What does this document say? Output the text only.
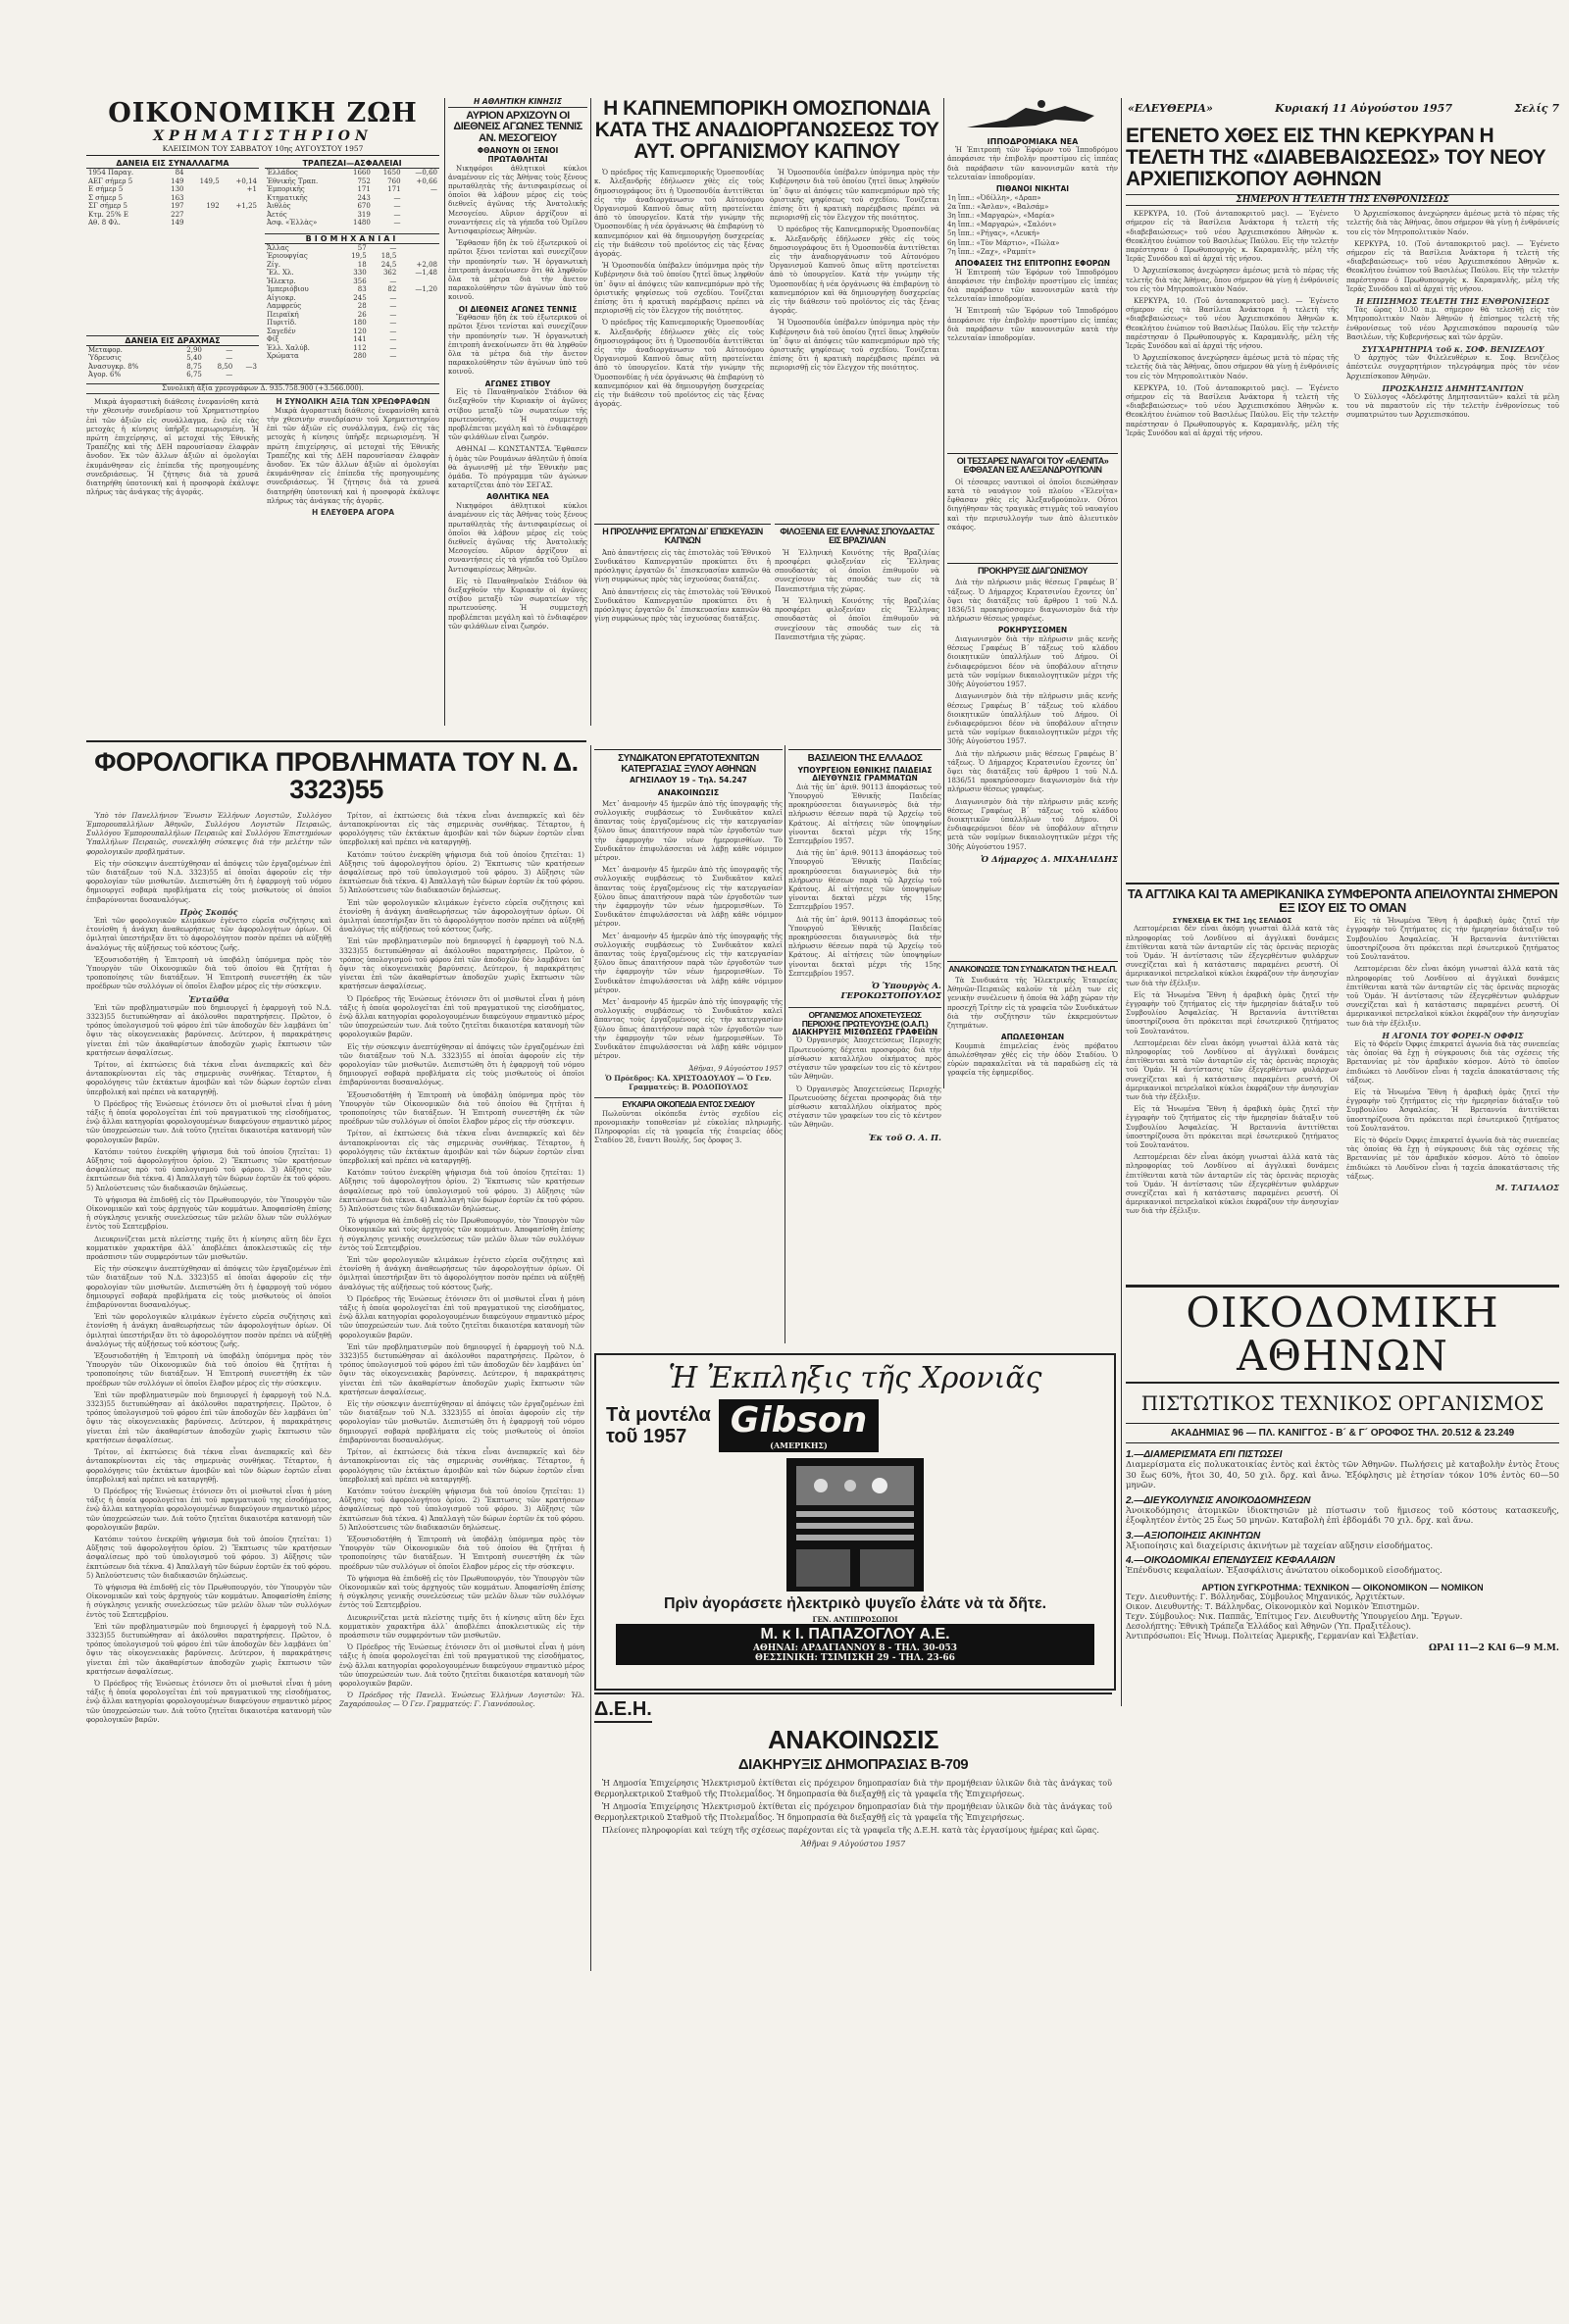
«ΕΛΕΥΘΕΡΙΑ»	Κυριακή 11 Αὐγούστου 1957	Σελίς 7
ΟΙΚΟΝΟΜΙΚΗ ΖΩΗ
ΧΡΗΜΑΤΙΣΤΗΡΙΟΝ
ΚΛΕΙΣΙΜΟΝ ΤΟΥ ΣΑΒΒΑΤΟΥ 10ης ΑΥΓΟΥΣΤΟΥ 1957
ΔΑΝΕΙΑ ΕΙΣ ΣΥΝΑΛΛΑΓΜΑ
1954 Παραγ.	84		
ΑΕΓ σήμερ 5	149	149,5	+0,14
Ε σήμερ 5	130		+1
Σ σήμερ 5	163		
ΣΓ σήμερ 5	197	192	+1,25
Κτμ. 25% Ε	227		
Αθ. 8 Φλ.	149		
ΔΑΝΕΙΑ ΕΙΣ ΔΡΑΧΜΑΣ
Μεταφορ.	2,90	—	
Ὑδρευσις	5,40	—	
Ἀνασυγκρ. 8%	8,75	8,50	—3
Ἀγορ. 6%	6,75	—	
ΤΡΑΠΕΖΑΙ—ΑΣΦΑΛΕΙΑΙ
Ἑλλάδος	1660	1650	—0,60
Ἐθνικῆς Τραπ.	752	760	+0,66
Ἐμπορικῆς	171	171	—
Κτηματικῆς	243	—	
Ἀιθλὸς	670	—	
Ἀετός	319	—	
Ἀσφ. «Ἐλλὰς»	1480	—	
ΒΙΟΜΗΧΑΝΙΑΙ
Ἄλλας	57	—	
Ἐριουφγίας	19,5	18,5	
Ζίγ.	18	24,5	+2,08
Ἔλ. Χλ.	330	362	—1,48
Ἠλεκτρ.	356	—	
Ἰμπεριόβιου	83	82	—1,20
Αἰγιοκρ.	245	—	
Λαμφρεύς	28	—	
Πειραϊκή	26	—	
Πυριτίδ.	180	—	
Σαγεδέν	120	—	
Φίξ	141	—	
Ἑλλ. Χαλύβ.	112	—	
Χρώματα	280	—	
Συνολικὴ ἀξία χρεογράφων Δ. 935.758.900 (+3.566.000).

Μικρὰ ἀγοραστικὴ διάθεσις ἐνεφανίσθη κατὰ τὴν χθεσινὴν συνεδρίασιν τοῦ Χρηματιστηρίου ἐπὶ τῶν ἀξιῶν εἰς συνάλλαγμα, ἐνῷ εἰς τὰς μετοχὰς ἡ κίνησις ὑπῆρξε περιωρισμένη. Ἡ πρώτη ἐπιχείρησις, αἱ μετοχαὶ τῆς Ἐθνικῆς Τραπέζης καὶ τῆς ΔΕΗ παρουσίασαν ἐλαφρὰν ἄνοδον. Ἐκ τῶν ἄλλων ἀξιῶν αἱ ὁμολογίαι ἐκυμάνθησαν εἰς ἐπίπεδα τῆς προηγουμένης συνεδριάσεως. Ἡ ζήτησις διὰ τὰ χρυσᾶ διατηρήθη ὑποτονική καὶ ἡ προσφορὰ ἐκάλυψε πλήρως τὰς ἀνάγκας τῆς ἀγορᾶς.

Η ΣΥΝΟΛΙΚΗ ΑΞΙΑ ΤΩΝ ΧΡΕΩΦΡΑΦΩΝ

Μικρὰ ἀγοραστικὴ διάθεσις ἐνεφανίσθη κατὰ τὴν χθεσινὴν συνεδρίασιν τοῦ Χρηματιστηρίου ἐπὶ τῶν ἀξιῶν εἰς συνάλλαγμα, ἐνῷ εἰς τὰς μετοχὰς ἡ κίνησις ὑπῆρξε περιωρισμένη. Ἡ πρώτη ἐπιχείρησις, αἱ μετοχαὶ τῆς Ἐθνικῆς Τραπέζης καὶ τῆς ΔΕΗ παρουσίασαν ἐλαφρὰν ἄνοδον. Ἐκ τῶν ἄλλων ἀξιῶν αἱ ὁμολογίαι ἐκυμάνθησαν εἰς ἐπίπεδα τῆς προηγουμένης συνεδριάσεως. Ἡ ζήτησις διὰ τὰ χρυσᾶ διατηρήθη ὑποτονική καὶ ἡ προσφορὰ ἐκάλυψε πλήρως τὰς ἀνάγκας τῆς ἀγορᾶς.

Η ΕΛΕΥΘΕΡΑ ΑΓΟΡΑ
Η ΑΘΛΗΤΙΚΗ ΚΙΝΗΣΙΣ
ΑΥΡΙΟΝ ΑΡΧΙΖΟΥΝ ΟΙ ΔΙΕΘΝΕΙΣ ΑΓΩΝΕΣ ΤΕΝΝΙΣ ΑΝ. ΜΕΣΟΓΕΙΟΥ
ΦΘΑΝΟΥΝ ΟΙ ΞΕΝΟΙ ΠΡΩΤΑΘΛΗΤΑΙ

Νικηφόροι ἀθλητικοὶ κύκλοι ἀναμένουν εἰς τὰς Ἀθήνας τοὺς ξένους πρωταθλητὰς τῆς ἀντισφαιρίσεως οἱ ὁποῖοι θὰ λάβουν μέρος εἰς τοὺς διεθνεῖς ἀγῶνας τῆς Ἀνατολικῆς Μεσογείου. Αὔριον ἀρχίζουν αἱ συναντήσεις εἰς τὰ γήπεδα τοῦ Ὁμίλου Ἀντισφαιρίσεως Ἀθηνῶν.

Ἔφθασαν ἤδη ἐκ τοῦ ἐξωτερικοῦ οἱ πρῶτοι ξένοι τενίσται καὶ συνεχίζουν τὴν προπόνησίν των. Ἡ ὀργανωτικὴ ἐπιτροπὴ ἀνεκοίνωσεν ὅτι θὰ ληφθοῦν ὅλα τὰ μέτρα διὰ τὴν ἄνετον παρακολούθησιν τῶν ἀγώνων ὑπὸ τοῦ κοινοῦ.

ΟΙ ΔΙΕΘΝΕΙΣ ΑΓΩΝΕΣ ΤΕΝΝΙΣ

Ἔφθασαν ἤδη ἐκ τοῦ ἐξωτερικοῦ οἱ πρῶτοι ξένοι τενίσται καὶ συνεχίζουν τὴν προπόνησίν των. Ἡ ὀργανωτικὴ ἐπιτροπὴ ἀνεκοίνωσεν ὅτι θὰ ληφθοῦν ὅλα τὰ μέτρα διὰ τὴν ἄνετον παρακολούθησιν τῶν ἀγώνων ὑπὸ τοῦ κοινοῦ.

ΑΓΩΝΕΣ ΣΤΙΒΟΥ

Εἰς τὸ Παναθηναϊκὸν Στάδιον θὰ διεξαχθοῦν τὴν Κυριακὴν οἱ ἀγῶνες στίβου μεταξὺ τῶν σωματείων τῆς πρωτευούσης. Ἡ συμμετοχὴ προβλέπεται μεγάλη καὶ τὸ ἐνδιαφέρον τῶν φιλάθλων εἶναι ζωηρόν.

ΑΘΗΝΑΙ — ΚΩΝΣΤΑΝΤΣΑ. Ἔφθασεν ἡ ὁμὰς τῶν Ρουμάνων ἀθλητῶν ἡ ὁποία θὰ ἀγωνισθῇ μὲ τὴν Ἐθνικὴν μας ὁμάδα. Τὸ πρόγραμμα τῶν ἀγώνων καταρτίζεται ἀπὸ τὸν ΣΕΓΑΣ.

ΑΘΛΗΤΙΚΑ ΝΕΑ

Νικηφόροι ἀθλητικοὶ κύκλοι ἀναμένουν εἰς τὰς Ἀθήνας τοὺς ξένους πρωταθλητὰς τῆς ἀντισφαιρίσεως οἱ ὁποῖοι θὰ λάβουν μέρος εἰς τοὺς διεθνεῖς ἀγῶνας τῆς Ἀνατολικῆς Μεσογείου. Αὔριον ἀρχίζουν αἱ συναντήσεις εἰς τὰ γήπεδα τοῦ Ὁμίλου Ἀντισφαιρίσεως Ἀθηνῶν.

Εἰς τὸ Παναθηναϊκὸν Στάδιον θὰ διεξαχθοῦν τὴν Κυριακὴν οἱ ἀγῶνες στίβου μεταξὺ τῶν σωματείων τῆς πρωτευούσης. Ἡ συμμετοχὴ προβλέπεται μεγάλη καὶ τὸ ἐνδιαφέρον τῶν φιλάθλων εἶναι ζωηρόν.

Η ΚΑΠΝΕΜΠΟΡΙΚΗ ΟΜΟΣΠΟΝΔΙΑ ΚΑΤΑ ΤΗΣ ΑΝΑΔΙΟΡΓΑΝΩΣΕΩΣ ΤΟΥ ΑΥΤ. ΟΡΓΑΝΙΣΜΟΥ ΚΑΠΝΟΥ

Ὁ πρόεδρος τῆς Καπνεμπορικῆς Ὁμοσπονδίας κ. Ἀλεξανδρῆς ἐδήλωσεν χθὲς εἰς τοὺς δημοσιογράφους ὅτι ἡ Ὁμοσπονδία ἀντιτίθεται εἰς τὴν ἀναδιοργάνωσιν τοῦ Αὐτονόμου Ὀργανισμοῦ Καπνοῦ ὅπως αὕτη προτείνεται ἀπὸ τὸ ὑπουργεῖον. Κατὰ τὴν γνώμην τῆς Ὁμοσπονδίας ἡ νέα ὀργάνωσις θὰ ἐπιβαρύνῃ τὸ καπνεμπόριον καὶ θὰ δημιουργήσῃ δυσχερείας εἰς τὴν διάθεσιν τοῦ προϊόντος εἰς τὰς ξένας ἀγοράς.

Ἡ Ὁμοσπονδία ὑπέβαλεν ὑπόμνημα πρὸς τὴν Κυβέρνησιν διὰ τοῦ ὁποίου ζητεῖ ὅπως ληφθοῦν ὑπ᾽ ὄψιν αἱ ἀπόψεις τῶν καπνεμπόρων πρὸ τῆς ὁριστικῆς ψηφίσεως τοῦ σχεδίου. Τονίζεται ἐπίσης ὅτι ἡ κρατικὴ παρέμβασις πρέπει νὰ περιορισθῇ εἰς τὸν ἔλεγχον τῆς ποιότητος.

Ὁ πρόεδρος τῆς Καπνεμπορικῆς Ὁμοσπονδίας κ. Ἀλεξανδρῆς ἐδήλωσεν χθὲς εἰς τοὺς δημοσιογράφους ὅτι ἡ Ὁμοσπονδία ἀντιτίθεται εἰς τὴν ἀναδιοργάνωσιν τοῦ Αὐτονόμου Ὀργανισμοῦ Καπνοῦ ὅπως αὕτη προτείνεται ἀπὸ τὸ ὑπουργεῖον. Κατὰ τὴν γνώμην τῆς Ὁμοσπονδίας ἡ νέα ὀργάνωσις θὰ ἐπιβαρύνῃ τὸ καπνεμπόριον καὶ θὰ δημιουργήσῃ δυσχερείας εἰς τὴν διάθεσιν τοῦ προϊόντος εἰς τὰς ξένας ἀγοράς.

Ἡ Ὁμοσπονδία ὑπέβαλεν ὑπόμνημα πρὸς τὴν Κυβέρνησιν διὰ τοῦ ὁποίου ζητεῖ ὅπως ληφθοῦν ὑπ᾽ ὄψιν αἱ ἀπόψεις τῶν καπνεμπόρων πρὸ τῆς ὁριστικῆς ψηφίσεως τοῦ σχεδίου. Τονίζεται ἐπίσης ὅτι ἡ κρατικὴ παρέμβασις πρέπει νὰ περιορισθῇ εἰς τὸν ἔλεγχον τῆς ποιότητος.

Ὁ πρόεδρος τῆς Καπνεμπορικῆς Ὁμοσπονδίας κ. Ἀλεξανδρῆς ἐδήλωσεν χθὲς εἰς τοὺς δημοσιογράφους ὅτι ἡ Ὁμοσπονδία ἀντιτίθεται εἰς τὴν ἀναδιοργάνωσιν τοῦ Αὐτονόμου Ὀργανισμοῦ Καπνοῦ ὅπως αὕτη προτείνεται ἀπὸ τὸ ὑπουργεῖον. Κατὰ τὴν γνώμην τῆς Ὁμοσπονδίας ἡ νέα ὀργάνωσις θὰ ἐπιβαρύνῃ τὸ καπνεμπόριον καὶ θὰ δημιουργήσῃ δυσχερείας εἰς τὴν διάθεσιν τοῦ προϊόντος εἰς τὰς ξένας ἀγοράς.

Ἡ Ὁμοσπονδία ὑπέβαλεν ὑπόμνημα πρὸς τὴν Κυβέρνησιν διὰ τοῦ ὁποίου ζητεῖ ὅπως ληφθοῦν ὑπ᾽ ὄψιν αἱ ἀπόψεις τῶν καπνεμπόρων πρὸ τῆς ὁριστικῆς ψηφίσεως τοῦ σχεδίου. Τονίζεται ἐπίσης ὅτι ἡ κρατικὴ παρέμβασις πρέπει νὰ περιορισθῇ εἰς τὸν ἔλεγχον τῆς ποιότητος.

Η ΠΡΟΣΛΗΨΙΣ ΕΡΓΑΤΩΝ ΔΙ᾽ ΕΠΙΣΚΕΥΑΣΙΝ ΚΑΠΝΩΝ

Ἀπὸ ἀπαντήσεις εἰς τὰς ἐπιστολὰς τοῦ Ἐθνικοῦ Συνδικάτου Καπνεργατῶν προκύπτει ὅτι ἡ πρόσληψις ἐργατῶν δι᾽ ἐπισκευασίαν καπνῶν θὰ γίνῃ συμφώνως πρὸς τὰς ἰσχυούσας διατάξεις.

Ἀπὸ ἀπαντήσεις εἰς τὰς ἐπιστολὰς τοῦ Ἐθνικοῦ Συνδικάτου Καπνεργατῶν προκύπτει ὅτι ἡ πρόσληψις ἐργατῶν δι᾽ ἐπισκευασίαν καπνῶν θὰ γίνῃ συμφώνως πρὸς τὰς ἰσχυούσας διατάξεις.

ΦΙΛΟΞΕΝΙΑ ΕΙΣ ΕΛΛΗΝΑΣ ΣΠΟΥΔΑΣΤΑΣ ΕΙΣ ΒΡΑΖΙΛΙΑΝ

Ἡ Ἑλληνικὴ Κοινότης τῆς Βραζιλίας προσφέρει φιλοξενίαν εἰς Ἕλληνας σπουδαστὰς οἱ ὁποῖοι ἐπιθυμοῦν νὰ συνεχίσουν τὰς σπουδάς των εἰς τὰ Πανεπιστήμια τῆς χώρας.

Ἡ Ἑλληνικὴ Κοινότης τῆς Βραζιλίας προσφέρει φιλοξενίαν εἰς Ἕλληνας σπουδαστὰς οἱ ὁποῖοι ἐπιθυμοῦν νὰ συνεχίσουν τὰς σπουδάς των εἰς τὰ Πανεπιστήμια τῆς χώρας.

ΙΠΠΟΔΡΟΜΙΑΚΑ ΝΕΑ

Ἡ Ἐπιτροπὴ τῶν Ἐφόρων τοῦ Ἱπποδρόμου ἀπεφάσισε τὴν ἐπιβολὴν προστίμου εἰς ἱππέας διὰ παράβασιν τῶν κανονισμῶν κατὰ τὴν τελευταίαν ἱπποδρομίαν.

ΠΙΘΑΝΟΙ ΝΙΚΗΤΑΙ
1η ἵππ.: «Ὀδίλλη», «Δραπ»
2α ἵππ.: «Ἀσλαν», «Βαλσάμ»
3η ἵππ.: «Μαργαρὼ», «Μαρία»
4η ἵππ.: «Μαργαρώ», «Σαλόνι»
5η ἵππ.: «Ρήγας», «Λευκή»
6η ἵππ.: «Τὸν Μάρτιο», «Πώλα»
7η ἵππ.: «Ζαχ», «Ραμπίτ»
ΑΠΟΦΑΣΕΙΣ ΤΗΣ ΕΠΙΤΡΟΠΗΣ ΕΦΟΡΩΝ

Ἡ Ἐπιτροπὴ τῶν Ἐφόρων τοῦ Ἱπποδρόμου ἀπεφάσισε τὴν ἐπιβολὴν προστίμου εἰς ἱππέας διὰ παράβασιν τῶν κανονισμῶν κατὰ τὴν τελευταίαν ἱπποδρομίαν.

Ἡ Ἐπιτροπὴ τῶν Ἐφόρων τοῦ Ἱπποδρόμου ἀπεφάσισε τὴν ἐπιβολὴν προστίμου εἰς ἱππέας διὰ παράβασιν τῶν κανονισμῶν κατὰ τὴν τελευταίαν ἱπποδρομίαν.

ΟΙ ΤΕΣΣΑΡΕΣ ΝΑΥΑΓΟΙ ΤΟΥ «ΕΛΕΝΙΤΑ» ΕΦΘΑΣΑΝ ΕΙΣ ΑΛΕΞΑΝΔΡΟΥΠΟΛΙΝ

Οἱ τέσσαρες ναυτικοὶ οἱ ὁποῖοι διεσώθησαν κατὰ τὸ ναυάγιον τοῦ πλοίου «Ἐλενίτα» ἔφθασαν χθὲς εἰς Ἀλεξανδρούπολιν. Οὗτοι διηγήθησαν τὰς τραγικὰς στιγμὰς τοῦ ναυαγίου καὶ τὴν περισυλλογήν των ἀπὸ ἁλιευτικὸν σκάφος.

ΠΡΟΚΗΡΥΞΙΣ ΔΙΑΓΩΝΙΣΜΟΥ

Διὰ τὴν πλήρωσιν μιᾶς θέσεως Γραφέως Β´ τάξεως. Ὁ Δήμαρχος Κερατσινίου ἔχοντες ὑπ᾽ ὄψει τὰς διατάξεις τοῦ ἄρθρου 1 τοῦ Ν.Δ. 1836/51 προκηρύσσομεν διαγωνισμὸν διὰ τὴν πλήρωσιν θέσεως γραφέως.

ΡΟΚΗΡΥΣΣΟΜΕΝ

Διαγωνισμὸν διὰ τὴν πλήρωσιν μιᾶς κενῆς θέσεως Γραφέως Β´ τάξεως τοῦ κλάδου διοικητικῶν ὑπαλλήλων τοῦ Δήμου. Οἱ ἐνδιαφερόμενοι δέον νὰ ὑποβάλουν αἴτησιν μετὰ τῶν νομίμων δικαιολογητικῶν μέχρι τῆς 30ῆς Αὐγούστου 1957.

Διαγωνισμὸν διὰ τὴν πλήρωσιν μιᾶς κενῆς θέσεως Γραφέως Β´ τάξεως τοῦ κλάδου διοικητικῶν ὑπαλλήλων τοῦ Δήμου. Οἱ ἐνδιαφερόμενοι δέον νὰ ὑποβάλουν αἴτησιν μετὰ τῶν νομίμων δικαιολογητικῶν μέχρι τῆς 30ῆς Αὐγούστου 1957.

Διὰ τὴν πλήρωσιν μιᾶς θέσεως Γραφέως Β´ τάξεως. Ὁ Δήμαρχος Κερατσινίου ἔχοντες ὑπ᾽ ὄψει τὰς διατάξεις τοῦ ἄρθρου 1 τοῦ Ν.Δ. 1836/51 προκηρύσσομεν διαγωνισμὸν διὰ τὴν πλήρωσιν θέσεως γραφέως.

Διαγωνισμὸν διὰ τὴν πλήρωσιν μιᾶς κενῆς θέσεως Γραφέως Β´ τάξεως τοῦ κλάδου διοικητικῶν ὑπαλλήλων τοῦ Δήμου. Οἱ ἐνδιαφερόμενοι δέον νὰ ὑποβάλουν αἴτησιν μετὰ τῶν νομίμων δικαιολογητικῶν μέχρι τῆς 30ῆς Αὐγούστου 1957.

Ὁ Δήμαρχος Δ. ΜΙΧΑΗΛΙΔΗΣ
ΑΝΑΚΟΙΝΩΣΙΣ ΤΩΝ ΣΥΝΔΙΚΑΤΩΝ ΤΗΣ Η.Ε.Α.Π.

Τὰ Συνδικάτα τῆς Ἠλεκτρικῆς Ἑταιρείας Ἀθηνῶν-Πειραιῶς καλοῦν τὰ μέλη των εἰς γενικὴν συνέλευσιν ἡ ὁποία θὰ λάβῃ χώραν τὴν προσεχῆ Τρίτην εἰς τὰ γραφεῖα τῶν Συνδικάτων διὰ τὴν συζήτησιν τῶν ἐκκρεμούντων ζητημάτων.

ΑΠΩΛΕΣΘΗΣΑΝ

Κουμπιὰ ἐπιμελείας ἐνὸς πρόβατου ἀπωλέσθησαν χθὲς εἰς τὴν ὁδὸν Σταδίου. Ὁ εὑρὼν παρακαλεῖται νὰ τὰ παραδώσῃ εἰς τὰ γραφεῖα τῆς ἐφημερίδος.

ΕΓΕΝΕΤΟ ΧΘΕΣ ΕΙΣ ΤΗΝ ΚΕΡΚΥΡΑΝ Η ΤΕΛΕΤΗ ΤΗΣ «ΔΙΑΒΕΒΑΙΩΣΕΩΣ» ΤΟΥ ΝΕΟΥ ΑΡΧΙΕΠΙΣΚΟΠΟΥ ΑΘΗΝΩΝ
ΣΗΜΕΡΟΝ Η ΤΕΛΕΤΗ ΤΗΣ ΕΝΘΡΟΝΙΣΕΩΣ

ΚΕΡΚΥΡΑ, 10. (Τοῦ ἀνταποκριτοῦ μας). — Ἐγένετο σήμερον εἰς τὰ Βασίλεια Ἀνάκτορα ἡ τελετὴ τῆς «διαβεβαιώσεως» τοῦ νέου Ἀρχιεπισκόπου Ἀθηνῶν κ. Θεοκλήτου ἐνώπιον τοῦ Βασιλέως Παύλου. Εἰς τὴν τελετὴν παρέστησαν ὁ Πρωθυπουργὸς κ. Καραμανλῆς, μέλη τῆς Ἱερᾶς Συνόδου καὶ αἱ ἀρχαὶ τῆς νήσου.

Ὁ Ἀρχιεπίσκοπος ἀνεχώρησεν ἀμέσως μετὰ τὸ πέρας τῆς τελετῆς διὰ τὰς Ἀθήνας, ὅπου σήμερον θὰ γίνῃ ἡ ἐνθρόνισίς του εἰς τὸν Μητροπολιτικὸν Ναόν.

ΚΕΡΚΥΡΑ, 10. (Τοῦ ἀνταποκριτοῦ μας). — Ἐγένετο σήμερον εἰς τὰ Βασίλεια Ἀνάκτορα ἡ τελετὴ τῆς «διαβεβαιώσεως» τοῦ νέου Ἀρχιεπισκόπου Ἀθηνῶν κ. Θεοκλήτου ἐνώπιον τοῦ Βασιλέως Παύλου. Εἰς τὴν τελετὴν παρέστησαν ὁ Πρωθυπουργὸς κ. Καραμανλῆς, μέλη τῆς Ἱερᾶς Συνόδου καὶ αἱ ἀρχαὶ τῆς νήσου.

Ὁ Ἀρχιεπίσκοπος ἀνεχώρησεν ἀμέσως μετὰ τὸ πέρας τῆς τελετῆς διὰ τὰς Ἀθήνας, ὅπου σήμερον θὰ γίνῃ ἡ ἐνθρόνισίς του εἰς τὸν Μητροπολιτικὸν Ναόν.

ΚΕΡΚΥΡΑ, 10. (Τοῦ ἀνταποκριτοῦ μας). — Ἐγένετο σήμερον εἰς τὰ Βασίλεια Ἀνάκτορα ἡ τελετὴ τῆς «διαβεβαιώσεως» τοῦ νέου Ἀρχιεπισκόπου Ἀθηνῶν κ. Θεοκλήτου ἐνώπιον τοῦ Βασιλέως Παύλου. Εἰς τὴν τελετὴν παρέστησαν ὁ Πρωθυπουργὸς κ. Καραμανλῆς, μέλη τῆς Ἱερᾶς Συνόδου καὶ αἱ ἀρχαὶ τῆς νήσου.

Ὁ Ἀρχιεπίσκοπος ἀνεχώρησεν ἀμέσως μετὰ τὸ πέρας τῆς τελετῆς διὰ τὰς Ἀθήνας, ὅπου σήμερον θὰ γίνῃ ἡ ἐνθρόνισίς του εἰς τὸν Μητροπολιτικὸν Ναόν.

ΚΕΡΚΥΡΑ, 10. (Τοῦ ἀνταποκριτοῦ μας). — Ἐγένετο σήμερον εἰς τὰ Βασίλεια Ἀνάκτορα ἡ τελετὴ τῆς «διαβεβαιώσεως» τοῦ νέου Ἀρχιεπισκόπου Ἀθηνῶν κ. Θεοκλήτου ἐνώπιον τοῦ Βασιλέως Παύλου. Εἰς τὴν τελετὴν παρέστησαν ὁ Πρωθυπουργὸς κ. Καραμανλῆς, μέλη τῆς Ἱερᾶς Συνόδου καὶ αἱ ἀρχαὶ τῆς νήσου.

Η ΕΠΙΣΗΜΟΣ ΤΕΛΕΤΗ ΤΗΣ ΕΝΘΡΟΝΙΣΕΩΣ

Τὰς ὥρας 10.30 π.μ. σήμερον θὰ τελεσθῇ εἰς τὸν Μητροπολιτικὸν Ναὸν Ἀθηνῶν ἡ ἐπίσημος τελετὴ τῆς ἐνθρονίσεως τοῦ νέου Ἀρχιεπισκόπου παρουσίᾳ τῶν Βασιλέων, τῆς Κυβερνήσεως καὶ τῶν ἀρχῶν.

ΣΥΓΧΑΡΗΤΗΡΙΑ τοῦ κ. ΣΟΦ. ΒΕΝΙΖΕΛΟΥ

Ὁ ἀρχηγὸς τῶν Φιλελευθέρων κ. Σοφ. Βενιζέλος ἀπέστειλε συγχαρητήριον τηλεγράφημα πρὸς τὸν νέον Ἀρχιεπίσκοπον Ἀθηνῶν.

ΠΡΟΣΚΛΗΣΙΣ ΔΗΜΗΤΣΑΝΙΤΩΝ

Ὁ Σύλλογος «Ἀδελφότης Δημητσανιτῶν» καλεῖ τὰ μέλη του νὰ παραστοῦν εἰς τὴν τελετὴν ἐνθρονίσεως τοῦ συμπατριώτου των Ἀρχιεπισκόπου.

ΤΑ ΑΓΓΛΙΚΑ ΚΑΙ ΤΑ ΑΜΕΡΙΚΑΝΙΚΑ ΣΥΜΦΕΡΟΝΤΑ ΑΠΕΙΛΟΥΝΤΑΙ ΣΗΜΕΡΟΝ ΕΞ ΙΣΟΥ ΕΙΣ ΤΟ ΟΜΑΝ
ΣΥΝΕΧΕΙΑ ΕΚ ΤΗΣ 1ης ΣΕΛΙΔΟΣ

Λεπτομέρειαι δὲν εἶναι ἀκόμη γνωσταὶ ἀλλὰ κατὰ τὰς πληροφορίας τοῦ Λονδίνου αἱ ἀγγλικαὶ δυνάμεις ἐπιτίθενται κατὰ τῶν ἀνταρτῶν εἰς τὰς ὀρεινὰς περιοχὰς τοῦ Ὁμάν. Ἡ ἀντίστασις τῶν ἐξεγερθέντων φυλάρχων συνεχίζεται καὶ ἡ κατάστασις παραμένει ρευστή. Οἱ ἀμερικανικοὶ πετρελαϊκοὶ κύκλοι ἐκφράζουν τὴν ἀνησυχίαν των διὰ τὴν ἐξέλιξιν.

Εἰς τὰ Ἡνωμένα Ἔθνη ἡ ἀραβικὴ ὁμὰς ζητεῖ τὴν ἐγγραφὴν τοῦ ζητήματος εἰς τὴν ἡμερησίαν διάταξιν τοῦ Συμβουλίου Ἀσφαλείας. Ἡ Βρεταννία ἀντιτίθεται ὑποστηρίζουσα ὅτι πρόκειται περὶ ἐσωτερικοῦ ζητήματος τοῦ Σουλτανάτου.

Λεπτομέρειαι δὲν εἶναι ἀκόμη γνωσταὶ ἀλλὰ κατὰ τὰς πληροφορίας τοῦ Λονδίνου αἱ ἀγγλικαὶ δυνάμεις ἐπιτίθενται κατὰ τῶν ἀνταρτῶν εἰς τὰς ὀρεινὰς περιοχὰς τοῦ Ὁμάν. Ἡ ἀντίστασις τῶν ἐξεγερθέντων φυλάρχων συνεχίζεται καὶ ἡ κατάστασις παραμένει ρευστή. Οἱ ἀμερικανικοὶ πετρελαϊκοὶ κύκλοι ἐκφράζουν τὴν ἀνησυχίαν των διὰ τὴν ἐξέλιξιν.

Εἰς τὰ Ἡνωμένα Ἔθνη ἡ ἀραβικὴ ὁμὰς ζητεῖ τὴν ἐγγραφὴν τοῦ ζητήματος εἰς τὴν ἡμερησίαν διάταξιν τοῦ Συμβουλίου Ἀσφαλείας. Ἡ Βρεταννία ἀντιτίθεται ὑποστηρίζουσα ὅτι πρόκειται περὶ ἐσωτερικοῦ ζητήματος τοῦ Σουλτανάτου.

Λεπτομέρειαι δὲν εἶναι ἀκόμη γνωσταὶ ἀλλὰ κατὰ τὰς πληροφορίας τοῦ Λονδίνου αἱ ἀγγλικαὶ δυνάμεις ἐπιτίθενται κατὰ τῶν ἀνταρτῶν εἰς τὰς ὀρεινὰς περιοχὰς τοῦ Ὁμάν. Ἡ ἀντίστασις τῶν ἐξεγερθέντων φυλάρχων συνεχίζεται καὶ ἡ κατάστασις παραμένει ρευστή. Οἱ ἀμερικανικοὶ πετρελαϊκοὶ κύκλοι ἐκφράζουν τὴν ἀνησυχίαν των διὰ τὴν ἐξέλιξιν.

Εἰς τὰ Ἡνωμένα Ἔθνη ἡ ἀραβικὴ ὁμὰς ζητεῖ τὴν ἐγγραφὴν τοῦ ζητήματος εἰς τὴν ἡμερησίαν διάταξιν τοῦ Συμβουλίου Ἀσφαλείας. Ἡ Βρεταννία ἀντιτίθεται ὑποστηρίζουσα ὅτι πρόκειται περὶ ἐσωτερικοῦ ζητήματος τοῦ Σουλτανάτου.

Λεπτομέρειαι δὲν εἶναι ἀκόμη γνωσταὶ ἀλλὰ κατὰ τὰς πληροφορίας τοῦ Λονδίνου αἱ ἀγγλικαὶ δυνάμεις ἐπιτίθενται κατὰ τῶν ἀνταρτῶν εἰς τὰς ὀρεινὰς περιοχὰς τοῦ Ὁμάν. Ἡ ἀντίστασις τῶν ἐξεγερθέντων φυλάρχων συνεχίζεται καὶ ἡ κατάστασις παραμένει ρευστή. Οἱ ἀμερικανικοὶ πετρελαϊκοὶ κύκλοι ἐκφράζουν τὴν ἀνησυχίαν των διὰ τὴν ἐξέλιξιν.

Η ΑΓΟΝΙΑ ΤΟΥ ΦΟΡΕΙ-Ν ΟΦΦΙΣ

Εἰς τὸ Φόρεϊν Όφφις ἐπικρατεῖ ἀγωνία διὰ τὰς συνεπείας τὰς ὁποίας θὰ ἔχῃ ἡ σύγκρουσις διὰ τὰς σχέσεις τῆς Βρεταννίας μὲ τὸν ἀραβικὸν κόσμον. Αὐτὸ τὸ ὁποῖον ἐπιδιώκει τὸ Λονδῖνον εἶναι ἡ ταχεῖα ἀποκατάστασις τῆς τάξεως.

Εἰς τὰ Ἡνωμένα Ἔθνη ἡ ἀραβικὴ ὁμὰς ζητεῖ τὴν ἐγγραφὴν τοῦ ζητήματος εἰς τὴν ἡμερησίαν διάταξιν τοῦ Συμβουλίου Ἀσφαλείας. Ἡ Βρεταννία ἀντιτίθεται ὑποστηρίζουσα ὅτι πρόκειται περὶ ἐσωτερικοῦ ζητήματος τοῦ Σουλτανάτου.

Εἰς τὸ Φόρεϊν Όφφις ἐπικρατεῖ ἀγωνία διὰ τὰς συνεπείας τὰς ὁποίας θὰ ἔχῃ ἡ σύγκρουσις διὰ τὰς σχέσεις τῆς Βρεταννίας μὲ τὸν ἀραβικὸν κόσμον. Αὐτὸ τὸ ὁποῖον ἐπιδιώκει τὸ Λονδῖνον εἶναι ἡ ταχεῖα ἀποκατάστασις τῆς τάξεως.

Μ. ΤΑΓΙΑΛΟΣ
ΦΟΡΟΛΟΓΙΚΑ ΠΡΟΒΛΗΜΑΤΑ ΤΟΥ Ν. Δ. 3323)55

Ὑπὸ τὸν Πανελλήνιον Ἕνωσιν Ἑλλήνων Λογιστῶν, Συλλόγου Ἐμπορουπαλλήλων Ἀθηνῶν, Συλλόγου Λογιστῶν Πειραιῶς, Συλλόγου Ἐμπορουπαλλήλων Πειραιῶς καὶ Συλλόγου Ἐπιστημόνων Ὑπαλλήλων Πειραιῶς, συνεκλήθη σύσκεψις διὰ τὴν μελέτην τῶν φορολογικῶν προβλημάτων.

Εἰς τὴν σύσκεψιν ἀνεπτύχθησαν αἱ ἀπόψεις τῶν ἐργαζομένων ἐπὶ τῶν διατάξεων τοῦ Ν.Δ. 3323)55 αἱ ὁποῖαι ἀφοροῦν εἰς τὴν φορολογίαν τῶν μισθωτῶν. Διεπιστώθη ὅτι ἡ ἐφαρμογὴ τοῦ νόμου δημιουργεῖ σοβαρὰ προβλήματα εἰς τοὺς μισθωτοὺς οἱ ὁποῖοι ἐπιβαρύνονται δυσαναλόγως.

Πρὸς Σκοπός

Ἐπὶ τῶν φορολογικῶν κλιμάκων ἐγένετο εὐρεῖα συζήτησις καὶ ἐτονίσθη ἡ ἀνάγκη ἀναθεωρήσεως τῶν ἀφορολογήτων ὁρίων. Οἱ ὁμιληταὶ ὑπεστήριξαν ὅτι τὸ ἀφορολόγητον ποσὸν πρέπει νὰ αὐξηθῇ ἀναλόγως τῆς αὐξήσεως τοῦ κόστους ζωῆς.

Ἐξουσιοδοτήθη ἡ Ἐπιτροπὴ νὰ ὑποβάλῃ ὑπόμνημα πρὸς τὸν Ὑπουργὸν τῶν Οἰκονομικῶν διὰ τοῦ ὁποίου θὰ ζητῆται ἡ τροποποίησις τῶν διατάξεων. Ἡ Ἐπιτροπὴ συνεστήθη ἐκ τῶν προέδρων τῶν συλλόγων οἱ ὁποῖοι ἔλαβον μέρος εἰς τὴν σύσκεψιν.

Ἐνταῦθα

Ἐπὶ τῶν προβληματισμῶν ποὺ δημιουργεῖ ἡ ἐφαρμογὴ τοῦ Ν.Δ. 3323)55 διετυπώθησαν αἱ ἀκόλουθοι παρατηρήσεις. Πρῶτον, ὁ τρόπος ὑπολογισμοῦ τοῦ φόρου ἐπὶ τῶν ἀποδοχῶν δὲν λαμβάνει ὑπ᾽ ὄψιν τὰς οἰκογενειακὰς βαρύνσεις. Δεύτερον, ἡ παρακράτησις γίνεται ἐπὶ τῶν ἀκαθαρίστων ἀποδοχῶν χωρὶς ἔκπτωσιν τῶν κρατήσεων ἀσφαλίσεως.

Τρίτον, αἱ ἐκπτώσεις διὰ τέκνα εἶναι ἀνεπαρκεῖς καὶ δὲν ἀνταποκρίνονται εἰς τὰς σημερινὰς συνθήκας. Τέταρτον, ἡ φορολόγησις τῶν ἐκτάκτων ἀμοιβῶν καὶ τῶν δώρων ἑορτῶν εἶναι ὑπερβολική καὶ πρέπει νὰ καταργηθῇ.

Ὁ Πρόεδρος τῆς Ἑνώσεως ἐτόνισεν ὅτι οἱ μισθωτοὶ εἶναι ἡ μόνη τάξις ἡ ὁποία φορολογεῖται ἐπὶ τοῦ πραγματικοῦ της εἰσοδήματος, ἐνῷ ἄλλαι κατηγορίαι φορολογουμένων διαφεύγουν σημαντικὸ μέρος τῶν ὑποχρεώσεών των. Διὰ τοῦτο ζητεῖται δικαιοτέρα κατανομὴ τῶν φορολογικῶν βαρῶν.

Κατόπιν τούτου ἐνεκρίθη ψήφισμα διὰ τοῦ ὁποίου ζητεῖται: 1) Αὔξησις τοῦ ἀφορολογήτου ὁρίου. 2) Ἔκπτωσις τῶν κρατήσεων ἀσφαλίσεως πρὸ τοῦ ὑπολογισμοῦ τοῦ φόρου. 3) Αὔξησις τῶν ἐκπτώσεων διὰ τέκνα. 4) Ἀπαλλαγὴ τῶν δώρων ἑορτῶν ἐκ τοῦ φόρου. 5) Ἀπλούστευσις τῶν διαδικασιῶν δηλώσεως.

Τὸ ψήφισμα θὰ ἐπιδοθῇ εἰς τὸν Πρωθυπουργόν, τὸν Ὑπουργὸν τῶν Οἰκονομικῶν καὶ τοὺς ἀρχηγοὺς τῶν κομμάτων. Ἀποφασίσθη ἐπίσης ἡ σύγκλησις γενικῆς συνελεύσεως τῶν μελῶν ὅλων τῶν συλλόγων ἐντὸς τοῦ Σεπτεμβρίου.

Διευκρινίζεται μετὰ πλείστης τιμῆς ὅτι ἡ κίνησις αὕτη δὲν ἔχει κομματικὸν χαρακτῆρα ἀλλ᾽ ἀποβλέπει ἀποκλειστικῶς εἰς τὴν προάσπισιν τῶν συμφερόντων τῶν μισθωτῶν.

Εἰς τὴν σύσκεψιν ἀνεπτύχθησαν αἱ ἀπόψεις τῶν ἐργαζομένων ἐπὶ τῶν διατάξεων τοῦ Ν.Δ. 3323)55 αἱ ὁποῖαι ἀφοροῦν εἰς τὴν φορολογίαν τῶν μισθωτῶν. Διεπιστώθη ὅτι ἡ ἐφαρμογὴ τοῦ νόμου δημιουργεῖ σοβαρὰ προβλήματα εἰς τοὺς μισθωτοὺς οἱ ὁποῖοι ἐπιβαρύνονται δυσαναλόγως.

Ἐπὶ τῶν φορολογικῶν κλιμάκων ἐγένετο εὐρεῖα συζήτησις καὶ ἐτονίσθη ἡ ἀνάγκη ἀναθεωρήσεως τῶν ἀφορολογήτων ὁρίων. Οἱ ὁμιληταὶ ὑπεστήριξαν ὅτι τὸ ἀφορολόγητον ποσὸν πρέπει νὰ αὐξηθῇ ἀναλόγως τῆς αὐξήσεως τοῦ κόστους ζωῆς.

Ἐξουσιοδοτήθη ἡ Ἐπιτροπὴ νὰ ὑποβάλῃ ὑπόμνημα πρὸς τὸν Ὑπουργὸν τῶν Οἰκονομικῶν διὰ τοῦ ὁποίου θὰ ζητῆται ἡ τροποποίησις τῶν διατάξεων. Ἡ Ἐπιτροπὴ συνεστήθη ἐκ τῶν προέδρων τῶν συλλόγων οἱ ὁποῖοι ἔλαβον μέρος εἰς τὴν σύσκεψιν.

Ἐπὶ τῶν προβληματισμῶν ποὺ δημιουργεῖ ἡ ἐφαρμογὴ τοῦ Ν.Δ. 3323)55 διετυπώθησαν αἱ ἀκόλουθοι παρατηρήσεις. Πρῶτον, ὁ τρόπος ὑπολογισμοῦ τοῦ φόρου ἐπὶ τῶν ἀποδοχῶν δὲν λαμβάνει ὑπ᾽ ὄψιν τὰς οἰκογενειακὰς βαρύνσεις. Δεύτερον, ἡ παρακράτησις γίνεται ἐπὶ τῶν ἀκαθαρίστων ἀποδοχῶν χωρὶς ἔκπτωσιν τῶν κρατήσεων ἀσφαλίσεως.

Τρίτον, αἱ ἐκπτώσεις διὰ τέκνα εἶναι ἀνεπαρκεῖς καὶ δὲν ἀνταποκρίνονται εἰς τὰς σημερινὰς συνθήκας. Τέταρτον, ἡ φορολόγησις τῶν ἐκτάκτων ἀμοιβῶν καὶ τῶν δώρων ἑορτῶν εἶναι ὑπερβολική καὶ πρέπει νὰ καταργηθῇ.

Ὁ Πρόεδρος τῆς Ἑνώσεως ἐτόνισεν ὅτι οἱ μισθωτοὶ εἶναι ἡ μόνη τάξις ἡ ὁποία φορολογεῖται ἐπὶ τοῦ πραγματικοῦ της εἰσοδήματος, ἐνῷ ἄλλαι κατηγορίαι φορολογουμένων διαφεύγουν σημαντικὸ μέρος τῶν ὑποχρεώσεών των. Διὰ τοῦτο ζητεῖται δικαιοτέρα κατανομὴ τῶν φορολογικῶν βαρῶν.

Κατόπιν τούτου ἐνεκρίθη ψήφισμα διὰ τοῦ ὁποίου ζητεῖται: 1) Αὔξησις τοῦ ἀφορολογήτου ὁρίου. 2) Ἔκπτωσις τῶν κρατήσεων ἀσφαλίσεως πρὸ τοῦ ὑπολογισμοῦ τοῦ φόρου. 3) Αὔξησις τῶν ἐκπτώσεων διὰ τέκνα. 4) Ἀπαλλαγὴ τῶν δώρων ἑορτῶν ἐκ τοῦ φόρου. 5) Ἀπλούστευσις τῶν διαδικασιῶν δηλώσεως.

Τὸ ψήφισμα θὰ ἐπιδοθῇ εἰς τὸν Πρωθυπουργόν, τὸν Ὑπουργὸν τῶν Οἰκονομικῶν καὶ τοὺς ἀρχηγοὺς τῶν κομμάτων. Ἀποφασίσθη ἐπίσης ἡ σύγκλησις γενικῆς συνελεύσεως τῶν μελῶν ὅλων τῶν συλλόγων ἐντὸς τοῦ Σεπτεμβρίου.

Ἐπὶ τῶν προβληματισμῶν ποὺ δημιουργεῖ ἡ ἐφαρμογὴ τοῦ Ν.Δ. 3323)55 διετυπώθησαν αἱ ἀκόλουθοι παρατηρήσεις. Πρῶτον, ὁ τρόπος ὑπολογισμοῦ τοῦ φόρου ἐπὶ τῶν ἀποδοχῶν δὲν λαμβάνει ὑπ᾽ ὄψιν τὰς οἰκογενειακὰς βαρύνσεις. Δεύτερον, ἡ παρακράτησις γίνεται ἐπὶ τῶν ἀκαθαρίστων ἀποδοχῶν χωρὶς ἔκπτωσιν τῶν κρατήσεων ἀσφαλίσεως.

Ὁ Πρόεδρος τῆς Ἑνώσεως ἐτόνισεν ὅτι οἱ μισθωτοὶ εἶναι ἡ μόνη τάξις ἡ ὁποία φορολογεῖται ἐπὶ τοῦ πραγματικοῦ της εἰσοδήματος, ἐνῷ ἄλλαι κατηγορίαι φορολογουμένων διαφεύγουν σημαντικὸ μέρος τῶν ὑποχρεώσεών των. Διὰ τοῦτο ζητεῖται δικαιοτέρα κατανομὴ τῶν φορολογικῶν βαρῶν.

Τρίτον, αἱ ἐκπτώσεις διὰ τέκνα εἶναι ἀνεπαρκεῖς καὶ δὲν ἀνταποκρίνονται εἰς τὰς σημερινὰς συνθήκας. Τέταρτον, ἡ φορολόγησις τῶν ἐκτάκτων ἀμοιβῶν καὶ τῶν δώρων ἑορτῶν εἶναι ὑπερβολική καὶ πρέπει νὰ καταργηθῇ.

Κατόπιν τούτου ἐνεκρίθη ψήφισμα διὰ τοῦ ὁποίου ζητεῖται: 1) Αὔξησις τοῦ ἀφορολογήτου ὁρίου. 2) Ἔκπτωσις τῶν κρατήσεων ἀσφαλίσεως πρὸ τοῦ ὑπολογισμοῦ τοῦ φόρου. 3) Αὔξησις τῶν ἐκπτώσεων διὰ τέκνα. 4) Ἀπαλλαγὴ τῶν δώρων ἑορτῶν ἐκ τοῦ φόρου. 5) Ἀπλούστευσις τῶν διαδικασιῶν δηλώσεως.

Ἐπὶ τῶν φορολογικῶν κλιμάκων ἐγένετο εὐρεῖα συζήτησις καὶ ἐτονίσθη ἡ ἀνάγκη ἀναθεωρήσεως τῶν ἀφορολογήτων ὁρίων. Οἱ ὁμιληταὶ ὑπεστήριξαν ὅτι τὸ ἀφορολόγητον ποσὸν πρέπει νὰ αὐξηθῇ ἀναλόγως τῆς αὐξήσεως τοῦ κόστους ζωῆς.

Ἐπὶ τῶν προβληματισμῶν ποὺ δημιουργεῖ ἡ ἐφαρμογὴ τοῦ Ν.Δ. 3323)55 διετυπώθησαν αἱ ἀκόλουθοι παρατηρήσεις. Πρῶτον, ὁ τρόπος ὑπολογισμοῦ τοῦ φόρου ἐπὶ τῶν ἀποδοχῶν δὲν λαμβάνει ὑπ᾽ ὄψιν τὰς οἰκογενειακὰς βαρύνσεις. Δεύτερον, ἡ παρακράτησις γίνεται ἐπὶ τῶν ἀκαθαρίστων ἀποδοχῶν χωρὶς ἔκπτωσιν τῶν κρατήσεων ἀσφαλίσεως.

Ὁ Πρόεδρος τῆς Ἑνώσεως ἐτόνισεν ὅτι οἱ μισθωτοὶ εἶναι ἡ μόνη τάξις ἡ ὁποία φορολογεῖται ἐπὶ τοῦ πραγματικοῦ της εἰσοδήματος, ἐνῷ ἄλλαι κατηγορίαι φορολογουμένων διαφεύγουν σημαντικὸ μέρος τῶν ὑποχρεώσεών των. Διὰ τοῦτο ζητεῖται δικαιοτέρα κατανομὴ τῶν φορολογικῶν βαρῶν.

Εἰς τὴν σύσκεψιν ἀνεπτύχθησαν αἱ ἀπόψεις τῶν ἐργαζομένων ἐπὶ τῶν διατάξεων τοῦ Ν.Δ. 3323)55 αἱ ὁποῖαι ἀφοροῦν εἰς τὴν φορολογίαν τῶν μισθωτῶν. Διεπιστώθη ὅτι ἡ ἐφαρμογὴ τοῦ νόμου δημιουργεῖ σοβαρὰ προβλήματα εἰς τοὺς μισθωτοὺς οἱ ὁποῖοι ἐπιβαρύνονται δυσαναλόγως.

Ἐξουσιοδοτήθη ἡ Ἐπιτροπὴ νὰ ὑποβάλῃ ὑπόμνημα πρὸς τὸν Ὑπουργὸν τῶν Οἰκονομικῶν διὰ τοῦ ὁποίου θὰ ζητῆται ἡ τροποποίησις τῶν διατάξεων. Ἡ Ἐπιτροπὴ συνεστήθη ἐκ τῶν προέδρων τῶν συλλόγων οἱ ὁποῖοι ἔλαβον μέρος εἰς τὴν σύσκεψιν.

Τρίτον, αἱ ἐκπτώσεις διὰ τέκνα εἶναι ἀνεπαρκεῖς καὶ δὲν ἀνταποκρίνονται εἰς τὰς σημερινὰς συνθήκας. Τέταρτον, ἡ φορολόγησις τῶν ἐκτάκτων ἀμοιβῶν καὶ τῶν δώρων ἑορτῶν εἶναι ὑπερβολική καὶ πρέπει νὰ καταργηθῇ.

Κατόπιν τούτου ἐνεκρίθη ψήφισμα διὰ τοῦ ὁποίου ζητεῖται: 1) Αὔξησις τοῦ ἀφορολογήτου ὁρίου. 2) Ἔκπτωσις τῶν κρατήσεων ἀσφαλίσεως πρὸ τοῦ ὑπολογισμοῦ τοῦ φόρου. 3) Αὔξησις τῶν ἐκπτώσεων διὰ τέκνα. 4) Ἀπαλλαγὴ τῶν δώρων ἑορτῶν ἐκ τοῦ φόρου. 5) Ἀπλούστευσις τῶν διαδικασιῶν δηλώσεως.

Τὸ ψήφισμα θὰ ἐπιδοθῇ εἰς τὸν Πρωθυπουργόν, τὸν Ὑπουργὸν τῶν Οἰκονομικῶν καὶ τοὺς ἀρχηγοὺς τῶν κομμάτων. Ἀποφασίσθη ἐπίσης ἡ σύγκλησις γενικῆς συνελεύσεως τῶν μελῶν ὅλων τῶν συλλόγων ἐντὸς τοῦ Σεπτεμβρίου.

Ἐπὶ τῶν φορολογικῶν κλιμάκων ἐγένετο εὐρεῖα συζήτησις καὶ ἐτονίσθη ἡ ἀνάγκη ἀναθεωρήσεως τῶν ἀφορολογήτων ὁρίων. Οἱ ὁμιληταὶ ὑπεστήριξαν ὅτι τὸ ἀφορολόγητον ποσὸν πρέπει νὰ αὐξηθῇ ἀναλόγως τῆς αὐξήσεως τοῦ κόστους ζωῆς.

Ὁ Πρόεδρος τῆς Ἑνώσεως ἐτόνισεν ὅτι οἱ μισθωτοὶ εἶναι ἡ μόνη τάξις ἡ ὁποία φορολογεῖται ἐπὶ τοῦ πραγματικοῦ της εἰσοδήματος, ἐνῷ ἄλλαι κατηγορίαι φορολογουμένων διαφεύγουν σημαντικὸ μέρος τῶν ὑποχρεώσεών των. Διὰ τοῦτο ζητεῖται δικαιοτέρα κατανομὴ τῶν φορολογικῶν βαρῶν.

Ἐπὶ τῶν προβληματισμῶν ποὺ δημιουργεῖ ἡ ἐφαρμογὴ τοῦ Ν.Δ. 3323)55 διετυπώθησαν αἱ ἀκόλουθοι παρατηρήσεις. Πρῶτον, ὁ τρόπος ὑπολογισμοῦ τοῦ φόρου ἐπὶ τῶν ἀποδοχῶν δὲν λαμβάνει ὑπ᾽ ὄψιν τὰς οἰκογενειακὰς βαρύνσεις. Δεύτερον, ἡ παρακράτησις γίνεται ἐπὶ τῶν ἀκαθαρίστων ἀποδοχῶν χωρὶς ἔκπτωσιν τῶν κρατήσεων ἀσφαλίσεως.

Εἰς τὴν σύσκεψιν ἀνεπτύχθησαν αἱ ἀπόψεις τῶν ἐργαζομένων ἐπὶ τῶν διατάξεων τοῦ Ν.Δ. 3323)55 αἱ ὁποῖαι ἀφοροῦν εἰς τὴν φορολογίαν τῶν μισθωτῶν. Διεπιστώθη ὅτι ἡ ἐφαρμογὴ τοῦ νόμου δημιουργεῖ σοβαρὰ προβλήματα εἰς τοὺς μισθωτοὺς οἱ ὁποῖοι ἐπιβαρύνονται δυσαναλόγως.

Τρίτον, αἱ ἐκπτώσεις διὰ τέκνα εἶναι ἀνεπαρκεῖς καὶ δὲν ἀνταποκρίνονται εἰς τὰς σημερινὰς συνθήκας. Τέταρτον, ἡ φορολόγησις τῶν ἐκτάκτων ἀμοιβῶν καὶ τῶν δώρων ἑορτῶν εἶναι ὑπερβολική καὶ πρέπει νὰ καταργηθῇ.

Κατόπιν τούτου ἐνεκρίθη ψήφισμα διὰ τοῦ ὁποίου ζητεῖται: 1) Αὔξησις τοῦ ἀφορολογήτου ὁρίου. 2) Ἔκπτωσις τῶν κρατήσεων ἀσφαλίσεως πρὸ τοῦ ὑπολογισμοῦ τοῦ φόρου. 3) Αὔξησις τῶν ἐκπτώσεων διὰ τέκνα. 4) Ἀπαλλαγὴ τῶν δώρων ἑορτῶν ἐκ τοῦ φόρου. 5) Ἀπλούστευσις τῶν διαδικασιῶν δηλώσεως.

Ἐξουσιοδοτήθη ἡ Ἐπιτροπὴ νὰ ὑποβάλῃ ὑπόμνημα πρὸς τὸν Ὑπουργὸν τῶν Οἰκονομικῶν διὰ τοῦ ὁποίου θὰ ζητῆται ἡ τροποποίησις τῶν διατάξεων. Ἡ Ἐπιτροπὴ συνεστήθη ἐκ τῶν προέδρων τῶν συλλόγων οἱ ὁποῖοι ἔλαβον μέρος εἰς τὴν σύσκεψιν.

Τὸ ψήφισμα θὰ ἐπιδοθῇ εἰς τὸν Πρωθυπουργόν, τὸν Ὑπουργὸν τῶν Οἰκονομικῶν καὶ τοὺς ἀρχηγοὺς τῶν κομμάτων. Ἀποφασίσθη ἐπίσης ἡ σύγκλησις γενικῆς συνελεύσεως τῶν μελῶν ὅλων τῶν συλλόγων ἐντὸς τοῦ Σεπτεμβρίου.

Διευκρινίζεται μετὰ πλείστης τιμῆς ὅτι ἡ κίνησις αὕτη δὲν ἔχει κομματικὸν χαρακτῆρα ἀλλ᾽ ἀποβλέπει ἀποκλειστικῶς εἰς τὴν προάσπισιν τῶν συμφερόντων τῶν μισθωτῶν.

Ὁ Πρόεδρος τῆς Ἑνώσεως ἐτόνισεν ὅτι οἱ μισθωτοὶ εἶναι ἡ μόνη τάξις ἡ ὁποία φορολογεῖται ἐπὶ τοῦ πραγματικοῦ της εἰσοδήματος, ἐνῷ ἄλλαι κατηγορίαι φορολογουμένων διαφεύγουν σημαντικὸ μέρος τῶν ὑποχρεώσεών των. Διὰ τοῦτο ζητεῖται δικαιοτέρα κατανομὴ τῶν φορολογικῶν βαρῶν.

Ὁ Πρόεδρος τῆς Πανελλ. Ἑνώσεως Ἑλλήνων Λογιστῶν: Ἠλ. Ζαχαρόπουλος — Ὁ Γεν. Γραμματεύς: Γ. Γιαννόπουλος.

ΣΥΝΔΙΚΑΤΟΝ ΕΡΓΑΤΟΤΕΧΝΙΤΩΝ ΚΑΤΕΡΓΑΣΙΑΣ ΞΥΛΟΥ ΑΘΗΝΩΝ
ΑΓΗΣΙΛΑΟΥ 19 – Τηλ. 54.247
ΑΝΑΚΟΙΝΩΣΙΣ

Μετ᾽ ἀναμονὴν 45 ἡμερῶν ἀπὸ τῆς ὑπογραφῆς τῆς συλλογικῆς συμβάσεως τὸ Συνδικᾶτον καλεῖ ἅπαντας τοὺς ἐργαζομένους εἰς τὴν κατεργασίαν ξύλου ὅπως ἀπαιτήσουν παρὰ τῶν ἐργοδοτῶν των τὴν ἐφαρμογὴν τῶν νέων ἡμερομισθίων. Τὸ Συνδικᾶτον ἐπιφυλάσσεται νὰ λάβῃ κάθε νόμιμον μέτρον.

Μετ᾽ ἀναμονὴν 45 ἡμερῶν ἀπὸ τῆς ὑπογραφῆς τῆς συλλογικῆς συμβάσεως τὸ Συνδικᾶτον καλεῖ ἅπαντας τοὺς ἐργαζομένους εἰς τὴν κατεργασίαν ξύλου ὅπως ἀπαιτήσουν παρὰ τῶν ἐργοδοτῶν των τὴν ἐφαρμογὴν τῶν νέων ἡμερομισθίων. Τὸ Συνδικᾶτον ἐπιφυλάσσεται νὰ λάβῃ κάθε νόμιμον μέτρον.

Μετ᾽ ἀναμονὴν 45 ἡμερῶν ἀπὸ τῆς ὑπογραφῆς τῆς συλλογικῆς συμβάσεως τὸ Συνδικᾶτον καλεῖ ἅπαντας τοὺς ἐργαζομένους εἰς τὴν κατεργασίαν ξύλου ὅπως ἀπαιτήσουν παρὰ τῶν ἐργοδοτῶν των τὴν ἐφαρμογὴν τῶν νέων ἡμερομισθίων. Τὸ Συνδικᾶτον ἐπιφυλάσσεται νὰ λάβῃ κάθε νόμιμον μέτρον.

Μετ᾽ ἀναμονὴν 45 ἡμερῶν ἀπὸ τῆς ὑπογραφῆς τῆς συλλογικῆς συμβάσεως τὸ Συνδικᾶτον καλεῖ ἅπαντας τοὺς ἐργαζομένους εἰς τὴν κατεργασίαν ξύλου ὅπως ἀπαιτήσουν παρὰ τῶν ἐργοδοτῶν των τὴν ἐφαρμογὴν τῶν νέων ἡμερομισθίων. Τὸ Συνδικᾶτον ἐπιφυλάσσεται νὰ λάβῃ κάθε νόμιμον μέτρον.

Ἀθῆναι, 9 Αὐγούστου 1957
Ὁ Πρόεδρος: ΚΑ. ΧΡΙΣΤΟΔΟΥΛΟΥ — Ὁ Γεν. Γραμματεὺς: Β. ΡΟΔΟΠΟΥΛΟΣ
ΕΥΚΑΙΡΙΑ ΟΙΚΟΠΕΔΙΑ ΕΝΤΟΣ ΣΧΕΔΙΟΥ

Πωλοῦνται οἰκόπεδα ἐντὸς σχεδίου εἰς προνομιακὴν τοποθεσίαν μὲ εὐκολίας πληρωμῆς. Πληροφορίαι εἰς τὰ γραφεῖα τῆς ἐταιρείας ὁδὸς Σταδίου 28, ἔναντι Βουλῆς, 5ος ὄροφος 3.

ΒΑΣΙΛΕΙΟΝ ΤΗΣ ΕΛΛΑΔΟΣ
ΥΠΟΥΡΓΕΙΟΝ ΕΘΝΙΚΗΣ ΠΑΙΔΕΙΑΣ ΔΙΕΥΘΥΝΣΙΣ ΓΡΑΜΜΑΤΩΝ

Διὰ τῆς ὑπ᾽ ἀριθ. 90113 ἀποφάσεως τοῦ Ὑπουργοῦ Ἐθνικῆς Παιδείας προκηρύσσεται διαγωνισμὸς διὰ τὴν πλήρωσιν θέσεων παρὰ τῷ Ἀρχείῳ τοῦ Κράτους. Αἱ αἰτήσεις τῶν ὑποψηφίων γίνονται δεκταὶ μέχρι τῆς 15ης Σεπτεμβρίου 1957.

Διὰ τῆς ὑπ᾽ ἀριθ. 90113 ἀποφάσεως τοῦ Ὑπουργοῦ Ἐθνικῆς Παιδείας προκηρύσσεται διαγωνισμὸς διὰ τὴν πλήρωσιν θέσεων παρὰ τῷ Ἀρχείῳ τοῦ Κράτους. Αἱ αἰτήσεις τῶν ὑποψηφίων γίνονται δεκταὶ μέχρι τῆς 15ης Σεπτεμβρίου 1957.

Διὰ τῆς ὑπ᾽ ἀριθ. 90113 ἀποφάσεως τοῦ Ὑπουργοῦ Ἐθνικῆς Παιδείας προκηρύσσεται διαγωνισμὸς διὰ τὴν πλήρωσιν θέσεων παρὰ τῷ Ἀρχείῳ τοῦ Κράτους. Αἱ αἰτήσεις τῶν ὑποψηφίων γίνονται δεκταὶ μέχρι τῆς 15ης Σεπτεμβρίου 1957.

Ὁ Ὑπουργὸς Α. ΓΕΡΟΚΩΣΤΟΠΟΥΛΟΣ
ΟΡΓΑΝΙΣΜΟΣ ΑΠΟΧΕΤΕΥΣΕΩΣ ΠΕΡΙΟΧΗΣ ΠΡΩΤΕΥΟΥΣΗΣ (Ο.Α.Π.)
ΔΙΑΚΗΡΥΞΙΣ ΜΙΣΘΩΣΕΩΣ ΓΡΑΦΕΙΩΝ

Ὁ Ὀργανισμὸς Ἀποχετεύσεως Περιοχῆς Πρωτευούσης δέχεται προσφορὰς διὰ τὴν μίσθωσιν καταλλήλου οἰκήματος πρὸς στέγασιν τῶν γραφείων του εἰς τὸ κέντρον τῶν Ἀθηνῶν.

Ὁ Ὀργανισμὸς Ἀποχετεύσεως Περιοχῆς Πρωτευούσης δέχεται προσφορὰς διὰ τὴν μίσθωσιν καταλλήλου οἰκήματος πρὸς στέγασιν τῶν γραφείων του εἰς τὸ κέντρον τῶν Ἀθηνῶν.

Ἐκ τοῦ Ο. Α. Π.
Ἡ Ἐκπληξις τῆς Χρονιᾶς
Τὰ μοντέλα
τοῦ 1957	Gibson
(ΑΜΕΡΙΚΗΣ)
Πρὶν ἀγοράσετε ἠλεκτρικὸ ψυγεῖο ἐλάτε νὰ τὰ δῆτε.
ΓΕΝ. ΑΝΤΙΠΡΟΣΩΠΟΙ
Μ. κ Ι. ΠΑΠΑΖΟΓΛΟΥ Α.Ε.
ΑΘΗΝΑΙ: ΑΡΔΑΓΙΑΝΝΟΥ 8 - ΤΗΛ. 30-053
ΘΕΣΣΙΝΙΚΗ: ΤΣΙΜΙΣΚΗ 29 - ΤΗΛ. 23-66
Δ.Ε.Η.
ΑΝΑΚΟΙΝΩΣΙΣ
ΔΙΑΚΗΡΥΞΙΣ ΔΗΜΟΠΡΑΣΙΑΣ Β-709

Ἡ Δημοσία Ἐπιχείρησις Ἠλεκτρισμοῦ ἐκτίθεται εἰς πρόχειρον δημοπρασίαν διὰ τὴν προμήθειαν ὑλικῶν διὰ τὰς ἀνάγκας τοῦ Θερμοηλεκτρικοῦ Σταθμοῦ τῆς Πτολεμαΐδος. Ἡ δημοπρασία θὰ διεξαχθῇ εἰς τὰ γραφεῖα τῆς Ἐπιχειρήσεως.

Ἡ Δημοσία Ἐπιχείρησις Ἠλεκτρισμοῦ ἐκτίθεται εἰς πρόχειρον δημοπρασίαν διὰ τὴν προμήθειαν ὑλικῶν διὰ τὰς ἀνάγκας τοῦ Θερμοηλεκτρικοῦ Σταθμοῦ τῆς Πτολεμαΐδος. Ἡ δημοπρασία θὰ διεξαχθῇ εἰς τὰ γραφεῖα τῆς Ἐπιχειρήσεως.

Πλείονες πληροφορίαι καὶ τεύχη τῆς σχέσεως παρέχονται εἰς τὰ γραφεῖα τῆς Δ.Ε.Η. κατὰ τὰς ἐργασίμους ἡμέρας καὶ ὥρας.

Ἀθῆναι 9 Αὐγούστου 1957
ΟΙΚΟΔΟΜΙΚΗ ΑΘΗΝΩΝ
ΠΙΣΤΩΤΙΚΟΣ ΤΕΧΝΙΚΟΣ ΟΡΓΑΝΙΣΜΟΣ
ΑΚΑΔΗΜΙΑΣ 96 — ΠΛ. ΚΑΝΙΓΓΟΣ - Β´ & Γ´ ΟΡΟΦΟΣ ΤΗΛ. 20.512 & 23.249
1.—ΔΙΑΜΕΡΙΣΜΑΤΑ ΕΠΙ ΠΙΣΤΩΣΕΙ
Διαμερίσματα εἰς πολυκατοικίας ἐντὸς καὶ ἐκτὸς τῶν Ἀθηνῶν. Πωλήσεις μὲ καταβολὴν ἐντὸς ἔτους 30 ἕως 60%, ἤτοι 30, 40, 50 χιλ. δρχ. καὶ ἄνω. Ἐξόφλησις μὲ ἐτησίαν τόκον 10% ἐντὸς 60—50 μηνῶν.
2.—ΔΙΕΥΚΟΛΥΝΣΙΣ ΑΝΟΙΚΟΔΟΜΗΣΕΩΝ
Ἀνοικοδόμησις ἀτομικῶν ἰδιοκτησιῶν μὲ πίστωσιν τοῦ ἥμισεος τοῦ κόστους κατασκευῆς, ἐξοφλητέον ἐντὸς 25 ἕως 50 μηνῶν. Καταβολὴ ἐπὶ ἑβδομάδι 70 χιλ. δρχ. καὶ ἄνω.
3.—ΑΞΙΟΠΟΙΗΣΙΣ ΑΚΙΝΗΤΩΝ
Ἀξιοποίησις καὶ διαχείρισις ἀκινήτων μὲ ταχείαν αὔξησιν εἰσοδήματος.
4.—ΟΙΚΟΔΟΜΙΚΑΙ ΕΠΕΝΔΥΣΕΙΣ ΚΕΦΑΛΑΙΩΝ
Ἐπένδυσις κεφαλαίων. Ἐξασφάλισις ἀνώτατου οἰκοδομικοῦ εἰσοδήματος.
ΑΡΤΙΟΝ ΣΥΓΚΡΟΤΗΜΑ: ΤΕΧΝΙΚΟΝ — ΟΙΚΟΝΟΜΙΚΟΝ — ΝΟΜΙΚΟΝ
Τεχν. Διευθυντής: Γ. Βόλληνδας, Σύμβουλος Μηχανικός, Ἀρχιτέκτων.
Οικον. Διευθυντής: Τ. Βάλληνδας, Οἰκονομικὸν καὶ Νομικὸν Ἐπιστημῶν.
Τεχν. Σύμβουλος: Νικ. Παππᾶς, Ἐπίτιμος Γεν. Διευθυντὴς Ὑπουργείου Δημ. Ἔργων.
Δεσολήπτης: Ἐθνικὴ Τράπεζα Ἑλλάδος καὶ Ἀθηνῶν (Ὑπ. Πραξιτέλους).
Ἀντιπρόσωποι: Εἰς Ἠνωμ. Πολιτείας Ἀμερικῆς, Γερμανίαν καὶ Ἑλβετίαν.
ΩΡΑΙ 11—2 ΚΑΙ 6—9 Μ.Μ.
